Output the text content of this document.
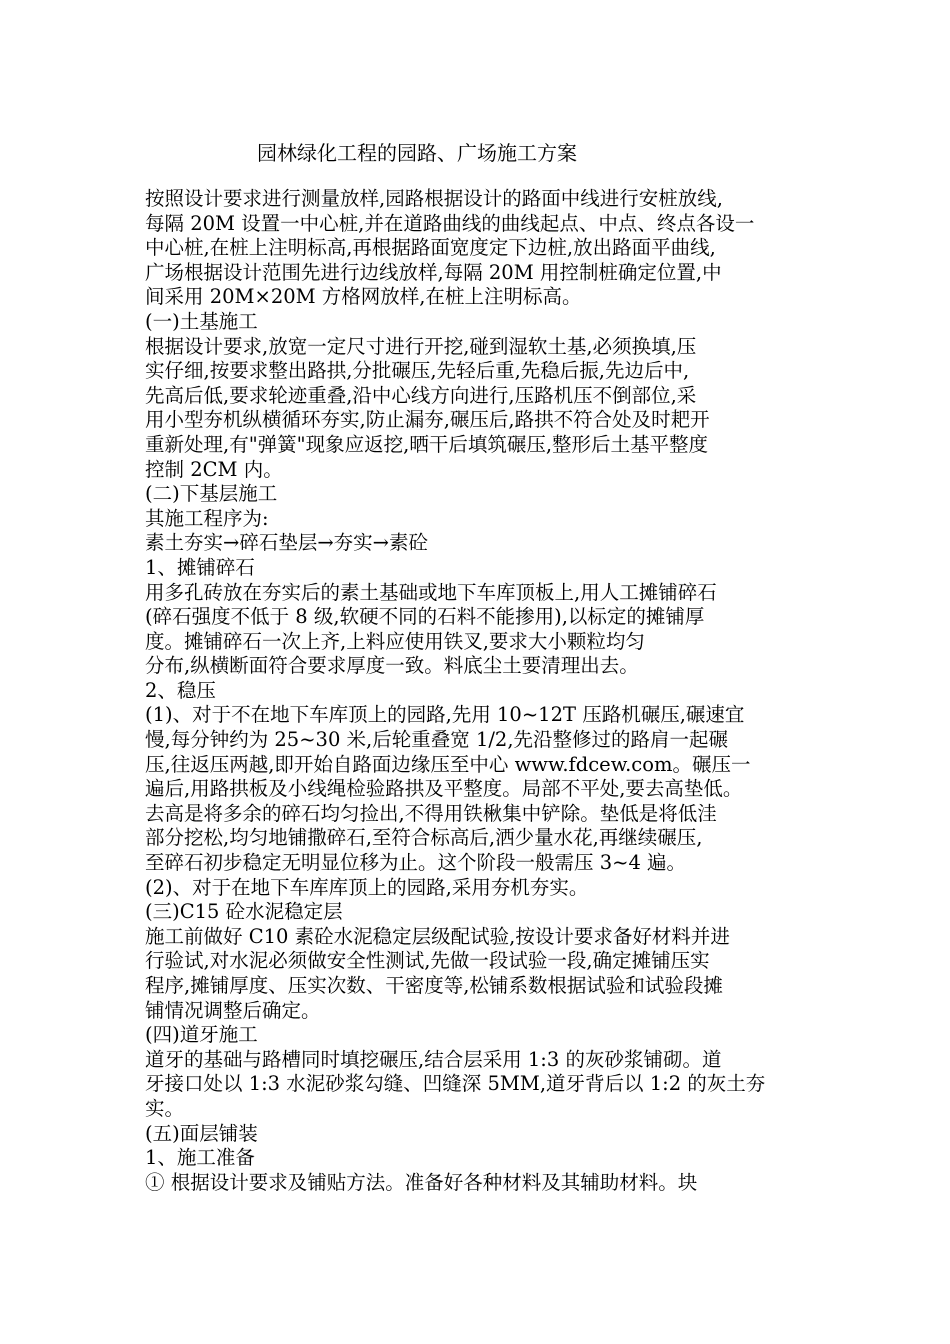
园林绿化工程的园路、广场施工方案
按照设计要求进行测量放样,园路根据设计的路面中线进行安桩放线,
每隔 20M 设置一中心桩,并在道路曲线的曲线起点、中点、终点各设一
中心桩,在桩上注明标高,再根据路面宽度定下边桩,放出路面平曲线,
广场根据设计范围先进行边线放样,每隔 20M 用控制桩确定位置,中
间采用 20M×20M 方格网放样,在桩上注明标高。
(一)土基施工
根据设计要求,放宽一定尺寸进行开挖,碰到湿软土基,必须换填,压
实仔细,按要求整出路拱,分批碾压,先轻后重,先稳后振,先边后中,
先高后低,要求轮迹重叠,沿中心线方向进行,压路机压不倒部位,采
用小型夯机纵横循环夯实,防止漏夯,碾压后,路拱不符合处及时耙开
重新处理,有"弹簧"现象应返挖,晒干后填筑碾压,整形后土基平整度
控制 2CM 内。
(二)下基层施工
其施工程序为:
素土夯实→碎石垫层→夯实→素砼
1、摊铺碎石
用多孔砖放在夯实后的素土基础或地下车库顶板上,用人工摊铺碎石
(碎石强度不低于 8 级,软硬不同的石料不能掺用),以标定的摊铺厚
度。摊铺碎石一次上齐,上料应使用铁叉,要求大小颗粒均匀
分布,纵横断面符合要求厚度一致。料底尘土要清理出去。
2、稳压
(1)、对于不在地下车库顶上的园路,先用 10~12T 压路机碾压,碾速宜
慢,每分钟约为 25~30 米,后轮重叠宽 1/2,先沿整修过的路肩一起碾
压,往返压两越,即开始自路面边缘压至中心 www.fdcew.com。碾压一
遍后,用路拱板及小线绳检验路拱及平整度。局部不平处,要去高垫低。
去高是将多余的碎石均匀捡出,不得用铁楸集中铲除。垫低是将低洼
部分挖松,均匀地铺撒碎石,至符合标高后,洒少量水花,再继续碾压,
至碎石初步稳定无明显位移为止。这个阶段一般需压 3~4 遍。
(2)、对于在地下车库库顶上的园路,采用夯机夯实。
(三)C15 砼水泥稳定层
施工前做好 C10 素砼水泥稳定层级配试验,按设计要求备好材料并进
行验试,对水泥必须做安全性测试,先做一段试验一段,确定摊铺压实
程序,摊铺厚度、压实次数、干密度等,松铺系数根据试验和试验段摊
铺情况调整后确定。
(四)道牙施工
道牙的基础与路槽同时填挖碾压,结合层采用 1:3 的灰砂浆铺砌。道
牙接口处以 1:3 水泥砂浆勾缝、凹缝深 5MM,道牙背后以 1:2 的灰土夯
实。
(五)面层铺装
1、施工准备
① 根据设计要求及铺贴方法。准备好各种材料及其辅助材料。块
